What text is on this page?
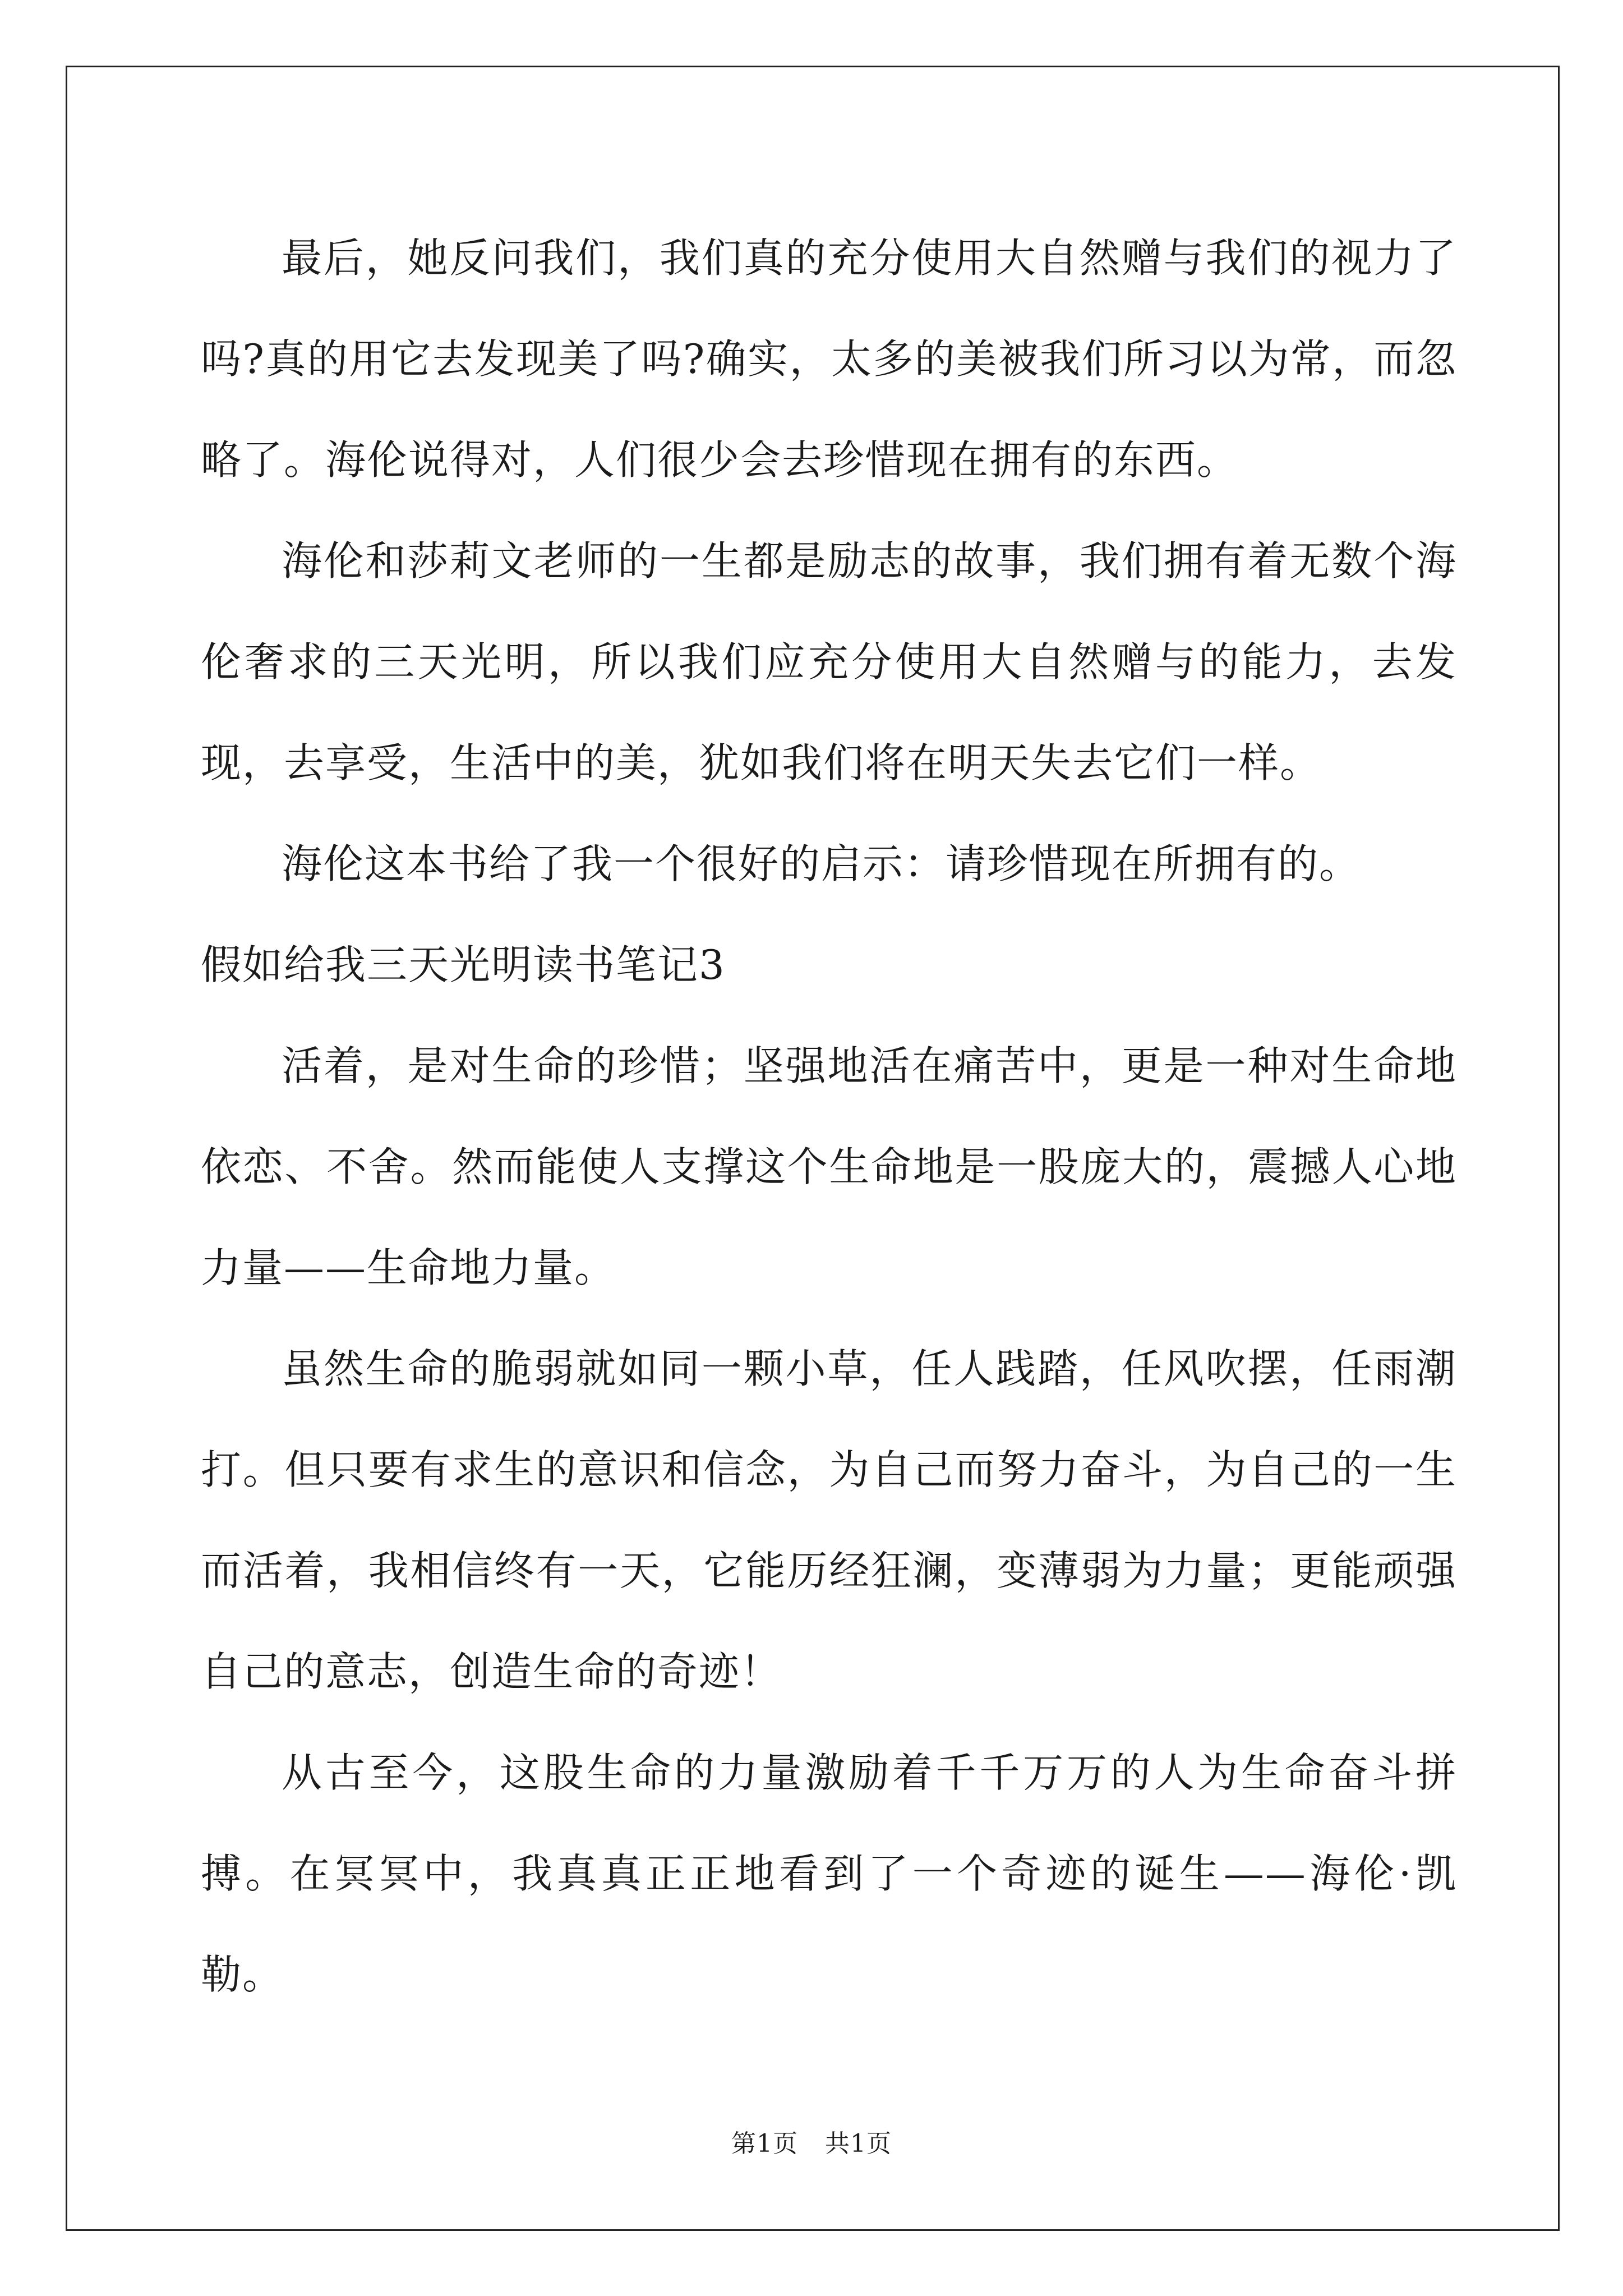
最后，她反问我们，我们真的充分使用大自然赠与我们的视力了吗?真的用它去发现美了吗?确实，太多的美被我们所习以为常，而忽略了。海伦说得对，人们很少会去珍惜现在拥有的东西。

海伦和莎莉文老师的一生都是励志的故事，我们拥有着无数个海伦奢求的三天光明，所以我们应充分使用大自然赠与的能力，去发现，去享受，生活中的美，犹如我们将在明天失去它们一样。

海伦这本书给了我一个很好的启示：请珍惜现在所拥有的。

假如给我三天光明读书笔记3

活着，是对生命的珍惜；坚强地活在痛苦中，更是一种对生命地依恋、不舍。然而能使人支撑这个生命地是一股庞大的，震撼人心地力量——生命地力量。

虽然生命的脆弱就如同一颗小草，任人践踏，任风吹摆，任雨潮打。但只要有求生的意识和信念，为自己而努力奋斗，为自己的一生而活着，我相信终有一天，它能历经狂澜，变薄弱为力量；更能顽强自己的意志，创造生命的奇迹！

从古至今，这股生命的力量激励着千千万万的人为生命奋斗拼搏。在冥冥中，我真真正正地看到了一个奇迹的诞生——海伦·凯勒。

第1页 共1页
